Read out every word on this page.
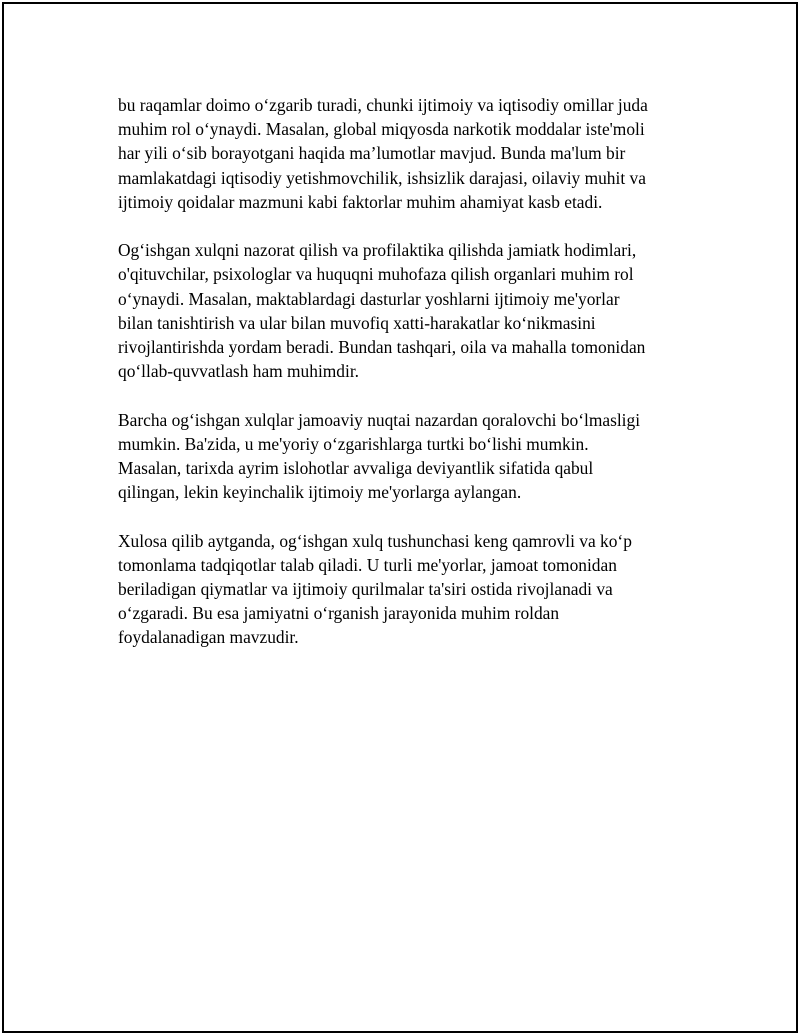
bu raqamlar doimo o‘zgarib turadi, chunki ijtimoiy va iqtisodiy omillar juda
muhim rol o‘ynaydi. Masalan, global miqyosda narkotik moddalar iste'moli
har yili o‘sib borayotgani haqida ma’lumotlar mavjud. Bunda ma'lum bir
mamlakatdagi iqtisodiy yetishmovchilik, ishsizlik darajasi, oilaviy muhit va
ijtimoiy qoidalar mazmuni kabi faktorlar muhim ahamiyat kasb etadi.

Og‘ishgan xulqni nazorat qilish va profilaktika qilishda jamiatk hodimlari,
o'qituvchilar, psixologlar va huquqni muhofaza qilish organlari muhim rol
o‘ynaydi. Masalan, maktablardagi dasturlar yoshlarni ijtimoiy me'yorlar
bilan tanishtirish va ular bilan muvofiq xatti-harakatlar ko‘nikmasini
rivojlantirishda yordam beradi. Bundan tashqari, oila va mahalla tomonidan
qo‘llab-quvvatlash ham muhimdir.

Barcha og‘ishgan xulqlar jamoaviy nuqtai nazardan qoralovchi bo‘lmasligi
mumkin. Ba'zida, u me'yoriy o‘zgarishlarga turtki bo‘lishi mumkin.
Masalan, tarixda ayrim islohotlar avvaliga deviyantlik sifatida qabul
qilingan, lekin keyinchalik ijtimoiy me'yorlarga aylangan.

Xulosa qilib aytganda, og‘ishgan xulq tushunchasi keng qamrovli va ko‘p
tomonlama tadqiqotlar talab qiladi. U turli me'yorlar, jamoat tomonidan
beriladigan qiymatlar va ijtimoiy qurilmalar ta'siri ostida rivojlanadi va
o‘zgaradi. Bu esa jamiyatni o‘rganish jarayonida muhim roldan
foydalanadigan mavzudir.
